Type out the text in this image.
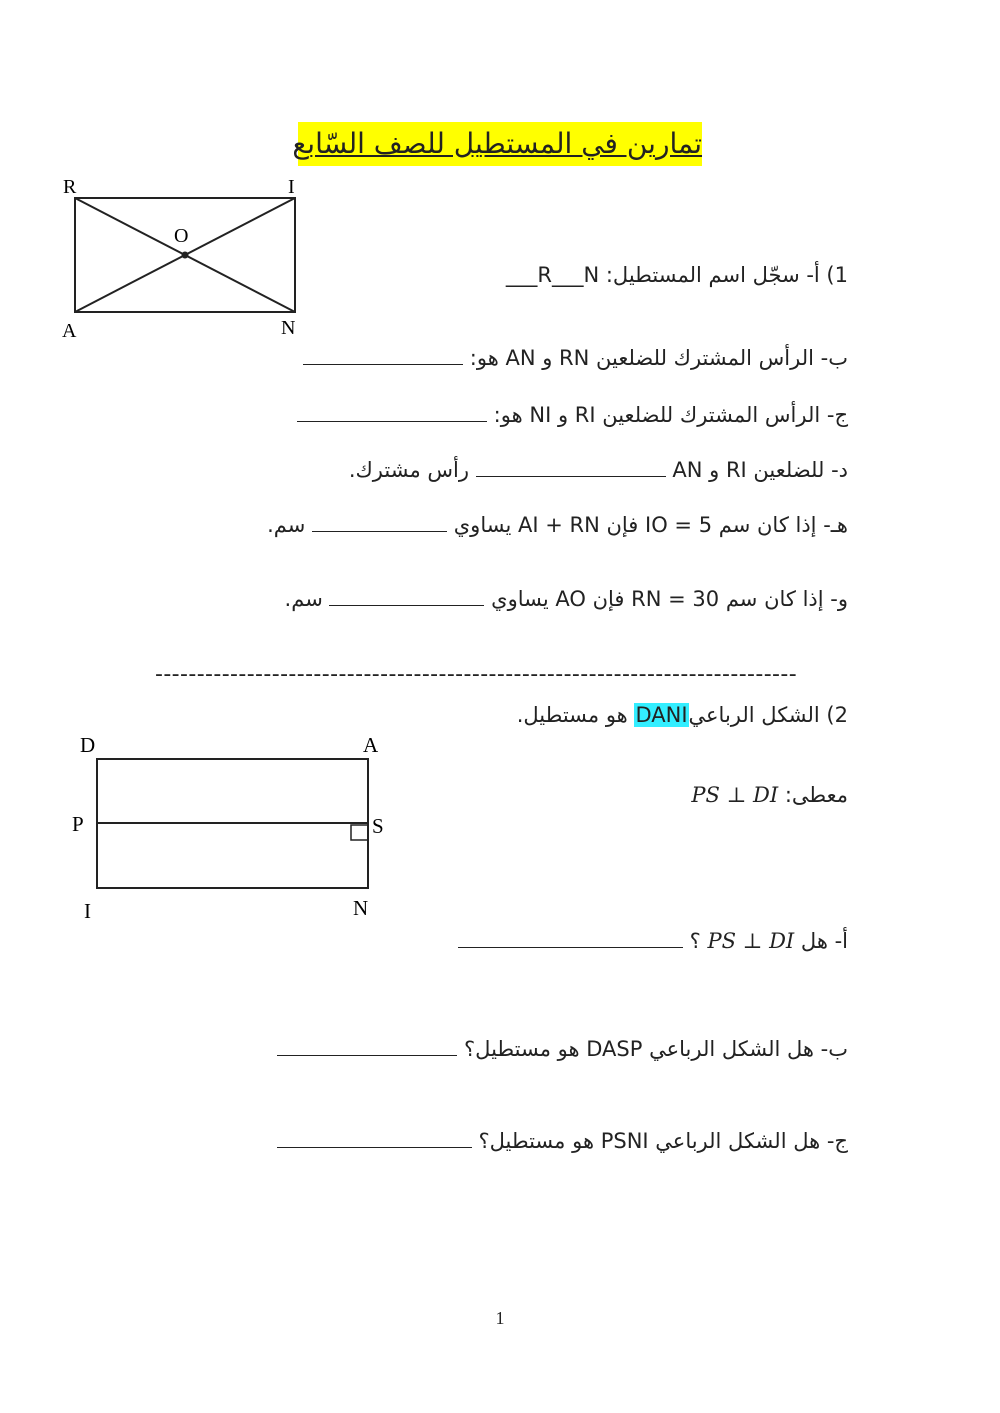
تمارين في المستطيل للصف السّابع
R	I
O
A	N
1) أ- سجّل اسم المستطيل: R___N___
ب- الرأس المشترك للضلعين RN و AN هو:
ج- الرأس المشترك للضلعين RI و NI هو:
د- للضلعين RI و AN  رأس مشترك.
هـ- إذا كان سم 5 = IO فإن AI + RN يساوي  سم.
و- إذا كان سم 30 = RN فإن AO يساوي  سم.
-----------------------------------------------------------------------------
2) الشكل الرباعيDANI هو مستطيل.
معطى: PS ⊥ DI
D	A
P	S
I	N
أ- هل PS ⊥ DI ؟
ب- هل الشكل الرباعي DASP هو مستطيل؟
ج- هل الشكل الرباعي PSNI هو مستطيل؟
1
